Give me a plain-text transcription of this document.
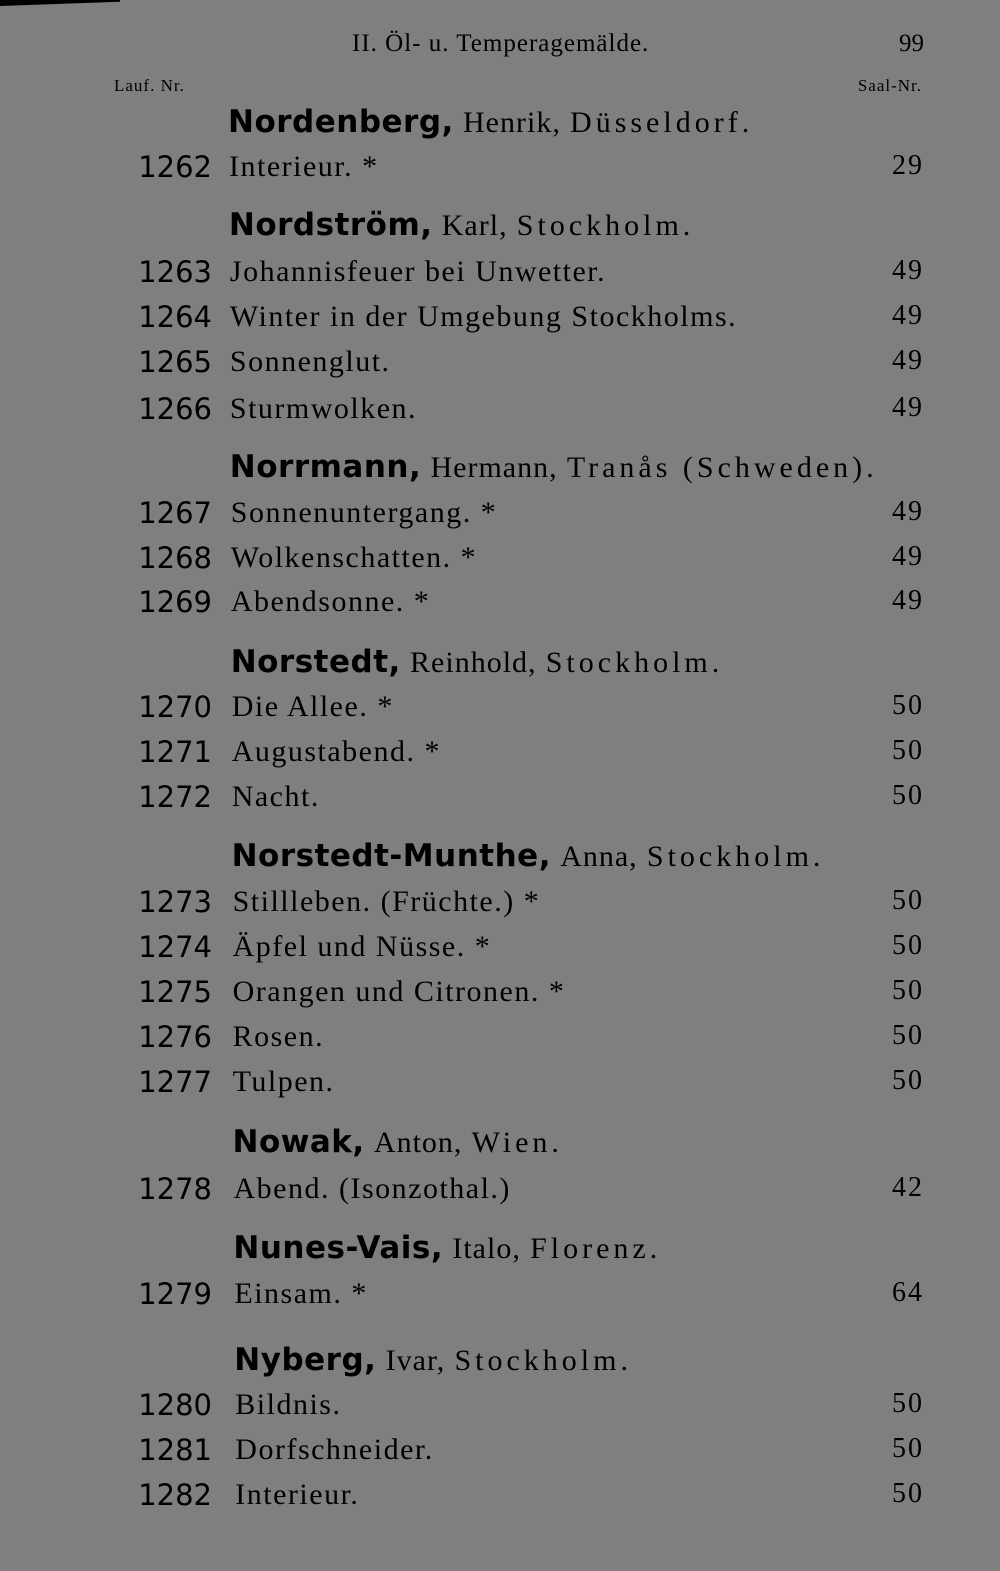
II. Öl- u. Temperagemälde.	99
Lauf. Nr.	Saal-Nr.
Nordenberg, Henrik, Düsseldorf.
1262 Interieur. *	29
Nordström, Karl, Stockholm.
1263 Johannisfeuer bei Unwetter.	49
1264 Winter in der Umgebung Stockholms.	49
1265 Sonnenglut.	49
1266 Sturmwolken.	49
Norrmann, Hermann, Tranås (Schweden).
1267 Sonnenuntergang. *	49
1268 Wolkenschatten. *	49
1269 Abendsonne. *	49
Norstedt, Reinhold, Stockholm.
1270 Die Allee. *	50
1271 Augustabend. *	50
1272 Nacht.	50
Norstedt-Munthe, Anna, Stockholm.
1273 Stillleben. (Früchte.) *	50
1274 Äpfel und Nüsse. *	50
1275 Orangen und Citronen. *	50
1276 Rosen.	50
1277 Tulpen.	50
Nowak, Anton, Wien.
1278 Abend. (Isonzothal.)	42
Nunes-Vais, Italo, Florenz.
1279 Einsam. *	64
Nyberg, Ivar, Stockholm.
1280 Bildnis.	50
1281 Dorfschneider.	50
1282 Interieur.	50
